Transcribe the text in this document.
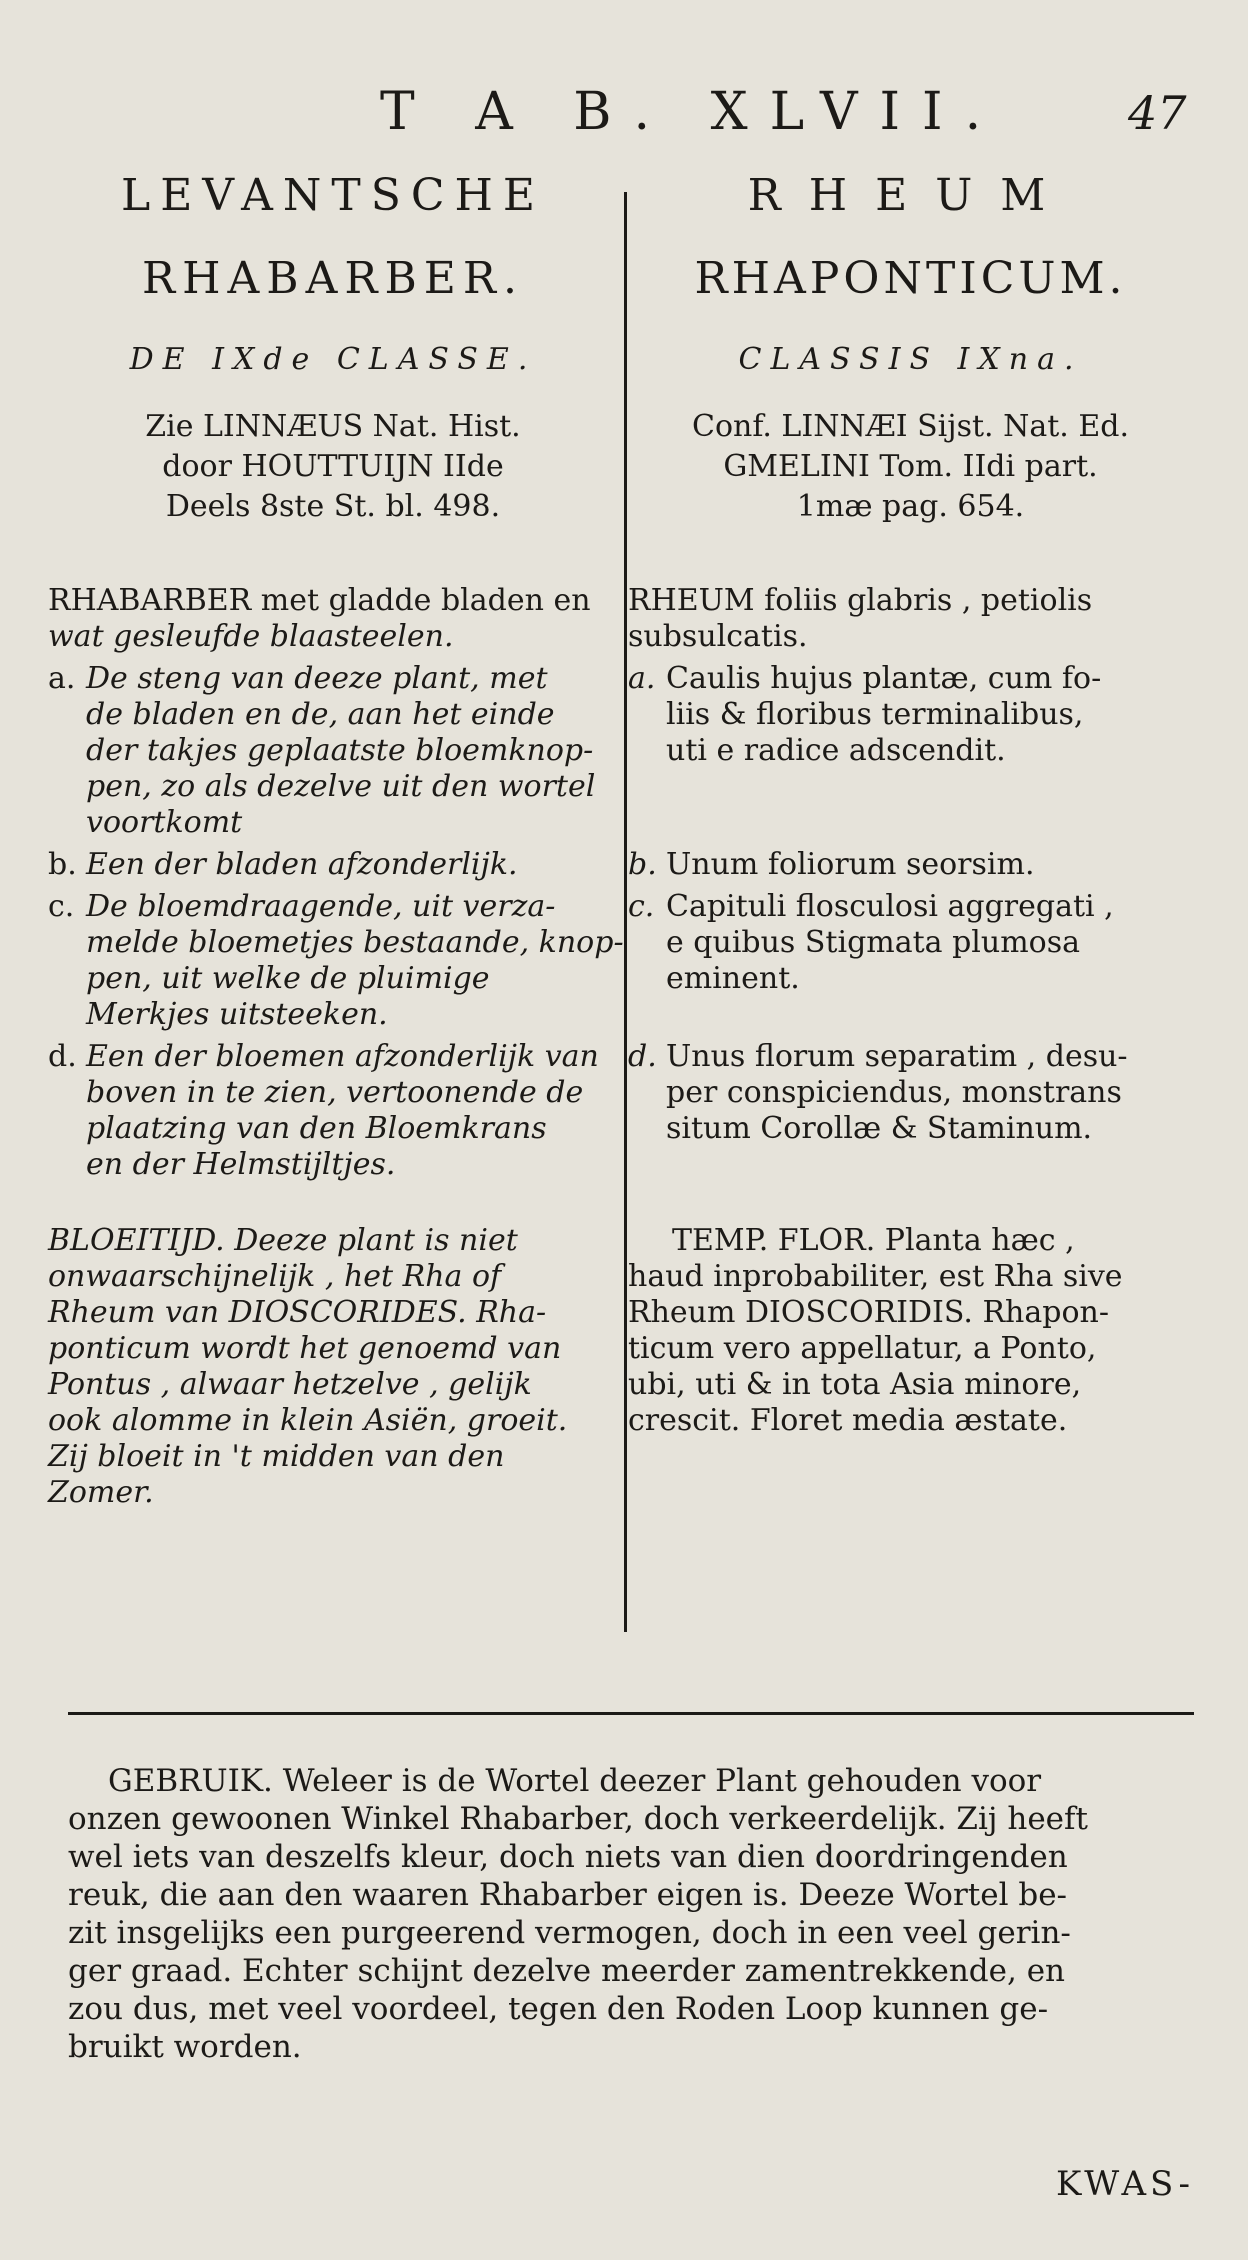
T A B. XLVII.	47
LEVANTSCHE
RHABARBER.
DE IXde CLASSE.
Zie LINNÆUS Nat. Hist.
door HOUTTUIJN IIde
Deels 8ste St. bl. 498.
RHABARBER met gladde bladen en
wat gesleufde blaasteelen.
a. De steng van deeze plant, met
de bladen en de, aan het einde
der takjes geplaatste bloemknop-
pen, zo als dezelve uit den wortel
voortkomt
b. Een der bladen afzonderlijk.
c. De bloemdraagende, uit verza-
melde bloemetjes bestaande, knop-
pen, uit welke de pluimige
Merkjes uitsteeken.
d. Een der bloemen afzonderlijk van
boven in te zien, vertoonende de
plaatzing van den Bloemkrans
en der Helmstijltjes.
BLOEITIJD. Deeze plant is niet
onwaarschijnelijk , het Rha of
Rheum van DIOSCORIDES. Rha-
ponticum wordt het genoemd van
Pontus , alwaar hetzelve , gelijk
ook alomme in klein Asiën, groeit.
Zij bloeit in 't midden van den
Zomer.
RHEUM
RHAPONTICUM.
CLASSIS IXna.
Conf. LINNÆI Sijst. Nat. Ed.
GMELINI Tom. IIdi part.
1mæ pag. 654.
RHEUM foliis glabris , petiolis
subsulcatis.
a. Caulis hujus plantæ, cum fo-
liis & floribus terminalibus,
uti e radice adscendit.
b. Unum foliorum seorsim.
c. Capituli flosculosi aggregati ,
e quibus Stigmata plumosa
eminent.
d. Unus florum separatim , desu-
per conspiciendus, monstrans
situm Corollæ & Staminum.
TEMP. FLOR. Planta hæc ,
haud inprobabiliter, est Rha sive
Rheum DIOSCORIDIS. Rhapon-
ticum vero appellatur, a Ponto,
ubi, uti & in tota Asia minore,
crescit. Floret media æstate.
GEBRUIK. Weleer is de Wortel deezer Plant gehouden voor
onzen gewoonen Winkel Rhabarber, doch verkeerdelijk. Zij heeft
wel iets van deszelfs kleur, doch niets van dien doordringenden
reuk, die aan den waaren Rhabarber eigen is. Deeze Wortel be-
zit insgelijks een purgeerend vermogen, doch in een veel gerin-
ger graad. Echter schijnt dezelve meerder zamentrekkende, en
zou dus, met veel voordeel, tegen den Roden Loop kunnen ge-
bruikt worden.
KWAS-
